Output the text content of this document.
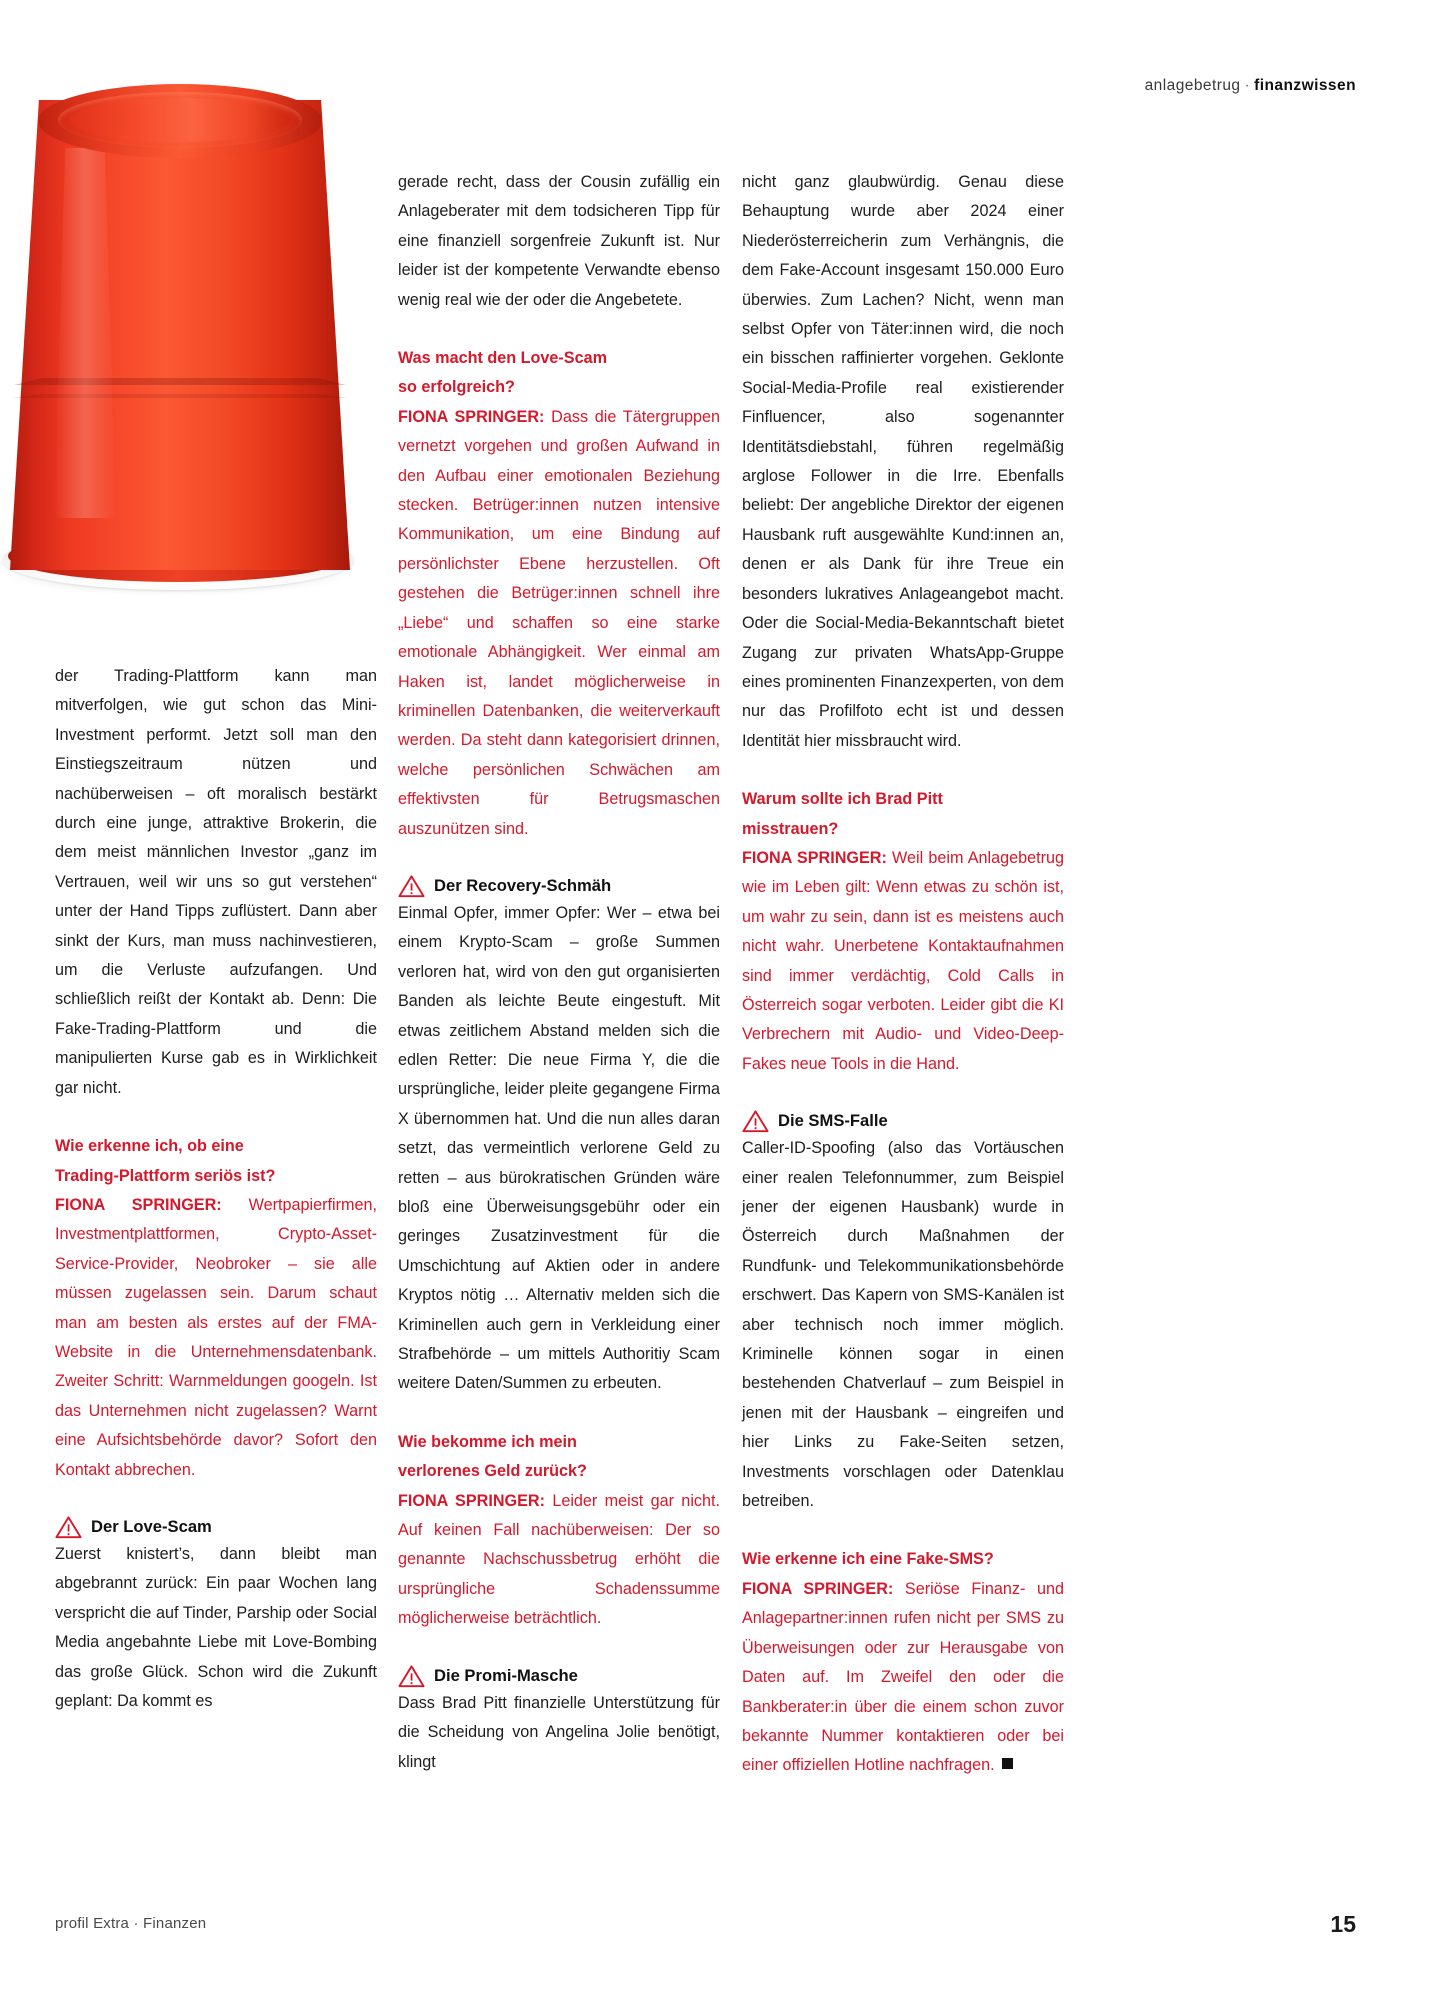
anlagebetrug · finanzwissen

der Trading-Plattform kann man mitverfolgen, wie gut schon das Mini-Investment performt. Jetzt soll man den Einstiegszeitraum nützen und nachüberweisen – oft moralisch bestärkt durch eine junge, attraktive Brokerin, die dem meist männlichen Investor „ganz im Vertrauen, weil wir uns so gut verstehen“ unter der Hand Tipps zuflüstert. Dann aber sinkt der Kurs, man muss nachinvestieren, um die Verluste aufzufangen. Und schließlich reißt der Kontakt ab. Denn: Die Fake-Trading-Plattform und die manipulierten Kurse gab es in Wirklichkeit gar nicht.

Wie erkenne ich, ob eine
Trading-Plattform seriös ist?
FIONA SPRINGER: Wertpapierfirmen, Investmentplattformen, Crypto-Asset-Service-Provider, Neobroker – sie alle müssen zugelassen sein. Darum schaut man am besten als erstes auf der FMA-Website in die Unternehmensdatenbank. Zweiter Schritt: Warnmeldungen googeln. Ist das Unternehmen nicht zugelassen? Warnt eine Aufsichtsbehörde davor? Sofort den Kontakt abbrechen.
Der Love-Scam

Zuerst knistert’s, dann bleibt man abgebrannt zurück: Ein paar Wochen lang verspricht die auf Tinder, Parship oder Social Media angebahnte Liebe mit Love-Bombing das große Glück. Schon wird die Zukunft geplant: Da kommt es

gerade recht, dass der Cousin zufällig ein Anlageberater mit dem todsicheren Tipp für eine finanziell sorgenfreie Zukunft ist. Nur leider ist der kompetente Verwandte ebenso wenig real wie der oder die Angebetete.

Was macht den Love-Scam
so erfolgreich?
FIONA SPRINGER: Dass die Tätergruppen vernetzt vorgehen und großen Aufwand in den Aufbau einer emotionalen Beziehung stecken. Betrüger:innen nutzen intensive Kommunikation, um eine Bindung auf persönlichster Ebene herzustellen. Oft gestehen die Betrüger:innen schnell ihre „Liebe“ und schaffen so eine starke emotionale Abhängigkeit. Wer einmal am Haken ist, landet möglicherweise in kriminellen Datenbanken, die weiterverkauft werden. Da steht dann kategorisiert drinnen, welche persönlichen Schwächen am effektivsten für Betrugsmaschen auszunützen sind.
Der Recovery-Schmäh

Einmal Opfer, immer Opfer: Wer – etwa bei einem Krypto-Scam – große Summen verloren hat, wird von den gut organisierten Banden als leichte Beute eingestuft. Mit etwas zeitlichem Abstand melden sich die edlen Retter: Die neue Firma Y, die die ursprüngliche, leider pleite gegangene Firma X übernommen hat. Und die nun alles daran setzt, das vermeintlich verlorene Geld zu retten – aus bürokratischen Gründen wäre bloß eine Überweisungsgebühr oder ein geringes Zusatzinvestment für die Umschichtung auf Aktien oder in andere Kryptos nötig … Alternativ melden sich die Kriminellen auch gern in Verkleidung einer Strafbehörde – um mittels Authoritiy Scam weitere Daten/Summen zu erbeuten.

Wie bekomme ich mein
verlorenes Geld zurück?
FIONA SPRINGER: Leider meist gar nicht. Auf keinen Fall nachüberweisen: Der so genannte Nachschussbetrug erhöht die ursprüngliche Schadenssumme möglicherweise beträchtlich.
Die Promi-Masche

Dass Brad Pitt finanzielle Unterstützung für die Scheidung von Angelina Jolie benötigt, klingt

nicht ganz glaubwürdig. Genau diese Behauptung wurde aber 2024 einer Niederösterreicherin zum Verhängnis, die dem Fake-Account insgesamt 150.000 Euro überwies. Zum Lachen? Nicht, wenn man selbst Opfer von Täter:innen wird, die noch ein bisschen raffinierter vorgehen. Geklonte Social-Media-Profile real existierender Finfluencer, also sogenannter Identitätsdiebstahl, führen regelmäßig arglose Follower in die Irre. Ebenfalls beliebt: Der angebliche Direktor der eigenen Hausbank ruft ausgewählte Kund:innen an, denen er als Dank für ihre Treue ein besonders lukratives Anlageangebot macht. Oder die Social-Media-Bekanntschaft bietet Zugang zur privaten WhatsApp-Gruppe eines prominenten Finanzexperten, von dem nur das Profilfoto echt ist und dessen Identität hier missbraucht wird.

Warum sollte ich Brad Pitt
misstrauen?
FIONA SPRINGER: Weil beim Anlagebetrug wie im Leben gilt: Wenn etwas zu schön ist, um wahr zu sein, dann ist es meistens auch nicht wahr. Unerbetene Kontaktaufnahmen sind immer verdächtig, Cold Calls in Österreich sogar verboten. Leider gibt die KI Verbrechern mit Audio- und Video-Deep-Fakes neue Tools in die Hand.
Die SMS-Falle

Caller-ID-Spoofing (also das Vortäuschen einer realen Telefonnummer, zum Beispiel jener der eigenen Hausbank) wurde in Österreich durch Maßnahmen der Rundfunk- und Telekommunikationsbehörde erschwert. Das Kapern von SMS-Kanälen ist aber technisch noch immer möglich. Kriminelle können sogar in einen bestehenden Chatverlauf – zum Beispiel in jenen mit der Hausbank – eingreifen und hier Links zu Fake-Seiten setzen, Investments vorschlagen oder Datenklau betreiben.

Wie erkenne ich eine Fake-SMS?
FIONA SPRINGER: Seriöse Finanz- und Anlagepartner:innen rufen nicht per SMS zu Überweisungen oder zur Herausgabe von Daten auf. Im Zweifel den oder die Bankberater:in über die einem schon zuvor bekannte Nummer kontaktieren oder bei einer offiziellen Hotline nachfragen.
profil Extra · Finanzen	15
